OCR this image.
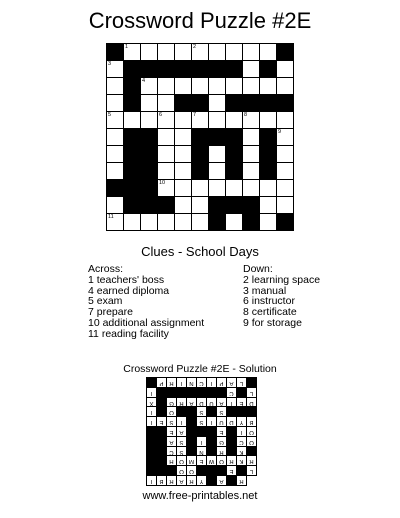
Crossword Puzzle #2E
1	2
3
4
5	6	7	8
9
10
11
Clues - School Days
Across:
1 teachers' boss
4 earned diploma
5 exam
7 prepare
10 additional assignment
11 reading facility
Down:
2 learning space
3 manual
6 instructor
8 certificate
9 for storage
Crossword Puzzle #2E - Solution
P R	I	N C	I	P A	L
T	C	L
X	G R A D U A	T	E D
T	O	S	S
T	E S	T	S	T U D Y B
E A	E	I	O
A S	T	G	C O
C S	N	R	K
H O M E W O R K R
O O	E	L
I	B R A R Y	A	R
www.free-printables.net
